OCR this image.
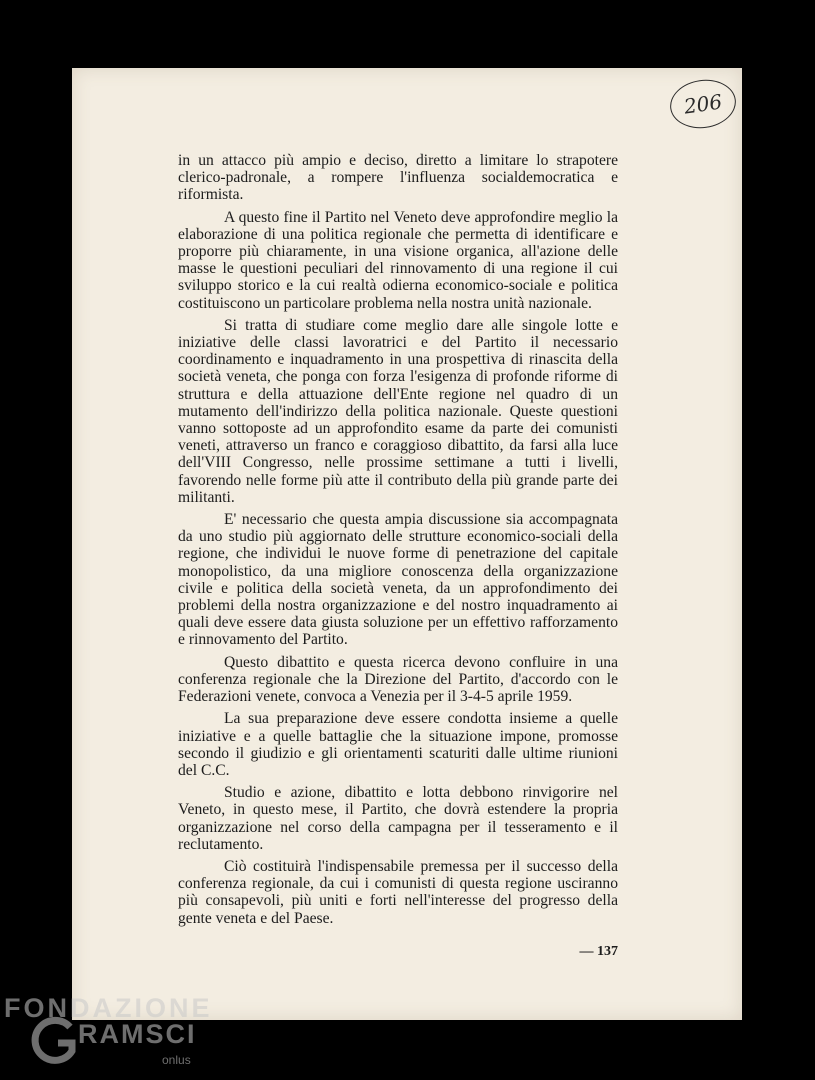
206

in un attacco più ampio e deciso, diretto a limitare lo strapotere clerico-padronale, a rompere l'influenza socialdemocratica e riformista.

A questo fine il Partito nel Veneto deve approfondire meglio la elaborazione di una politica regionale che permetta di identificare e proporre più chiaramente, in una visione organica, all'azione delle masse le questioni peculiari del rinnovamento di una regione il cui sviluppo storico e la cui realtà odierna economico-sociale e politica costituiscono un particolare problema nella nostra unità nazionale.

Si tratta di studiare come meglio dare alle singole lotte e iniziative delle classi lavoratrici e del Partito il necessario coordinamento e inquadramento in una prospettiva di rinascita della società veneta, che ponga con forza l'esigenza di profonde riforme di struttura e della attuazione dell'Ente regione nel quadro di un mutamento dell'indirizzo della politica nazionale. Queste questioni vanno sottoposte ad un approfondito esame da parte dei comunisti veneti, attraverso un franco e coraggioso dibattito, da farsi alla luce dell'VIII Congresso, nelle prossime settimane a tutti i livelli, favorendo nelle forme più atte il contributo della più grande parte dei militanti.

E' necessario che questa ampia discussione sia accompagnata da uno studio più aggiornato delle strutture economico-sociali della regione, che individui le nuove forme di penetrazione del capitale monopolistico, da una migliore conoscenza della organizzazione civile e politica della società veneta, da un approfondimento dei problemi della nostra organizzazione e del nostro inquadramento ai quali deve essere data giusta soluzione per un effettivo rafforzamento e rinnovamento del Partito.

Questo dibattito e questa ricerca devono confluire in una conferenza regionale che la Direzione del Partito, d'accordo con le Federazioni venete, convoca a Venezia per il 3-4-5 aprile 1959.

La sua preparazione deve essere condotta insieme a quelle iniziative e a quelle battaglie che la situazione impone, promosse secondo il giudizio e gli orientamenti scaturiti dalle ultime riunioni del C.C.

Studio e azione, dibattito e lotta debbono rinvigorire nel Veneto, in questo mese, il Partito, che dovrà estendere la propria organizzazione nel corso della campagna per il tesseramento e il reclutamento.

Ciò costituirà l'indispensabile premessa per il successo della conferenza regionale, da cui i comunisti di questa regione usciranno più consapevoli, più uniti e forti nell'interesse del progresso della gente veneta e del Paese.

— 137
FONDAZIONE
RAMSCI
onlus
